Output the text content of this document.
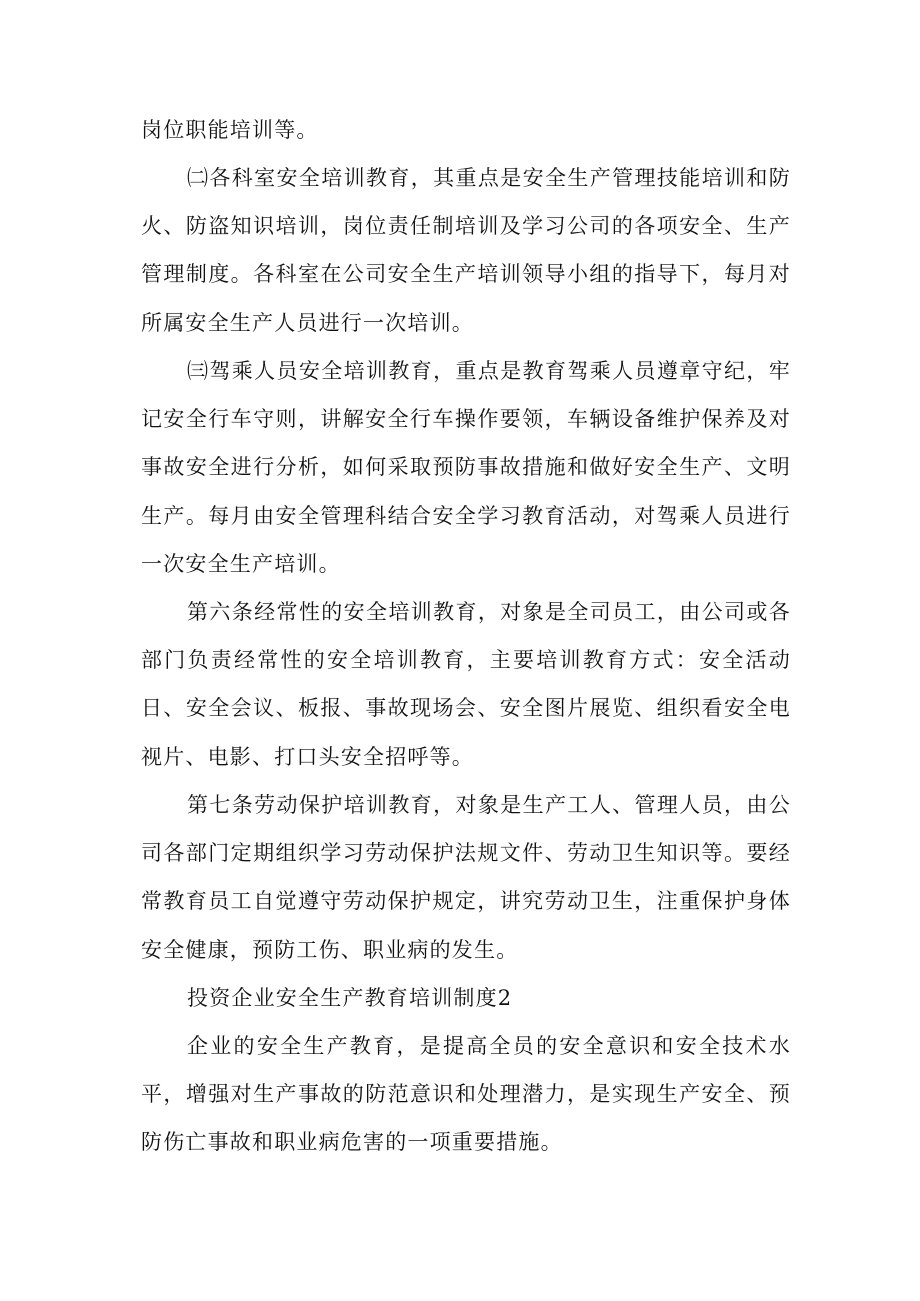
岗位职能培训等。

㈡各科室安全培训教育，其重点是安全生产管理技能培训和防火、防盗知识培训，岗位责任制培训及学习公司的各项安全、生产管理制度。各科室在公司安全生产培训领导小组的指导下，每月对所属安全生产人员进行一次培训。

㈢驾乘人员安全培训教育，重点是教育驾乘人员遵章守纪，牢记安全行车守则，讲解安全行车操作要领，车辆设备维护保养及对事故安全进行分析，如何采取预防事故措施和做好安全生产、文明生产。每月由安全管理科结合安全学习教育活动，对驾乘人员进行一次安全生产培训。

第六条经常性的安全培训教育，对象是全司员工，由公司或各部门负责经常性的安全培训教育，主要培训教育方式：安全活动日、安全会议、板报、事故现场会、安全图片展览、组织看安全电视片、电影、打口头安全招呼等。

第七条劳动保护培训教育，对象是生产工人、管理人员，由公司各部门定期组织学习劳动保护法规文件、劳动卫生知识等。要经常教育员工自觉遵守劳动保护规定，讲究劳动卫生，注重保护身体安全健康，预防工伤、职业病的发生。

投资企业安全生产教育培训制度2

企业的安全生产教育，是提高全员的安全意识和安全技术水平，增强对生产事故的防范意识和处理潜力，是实现生产安全、预防伤亡事故和职业病危害的一项重要措施。
